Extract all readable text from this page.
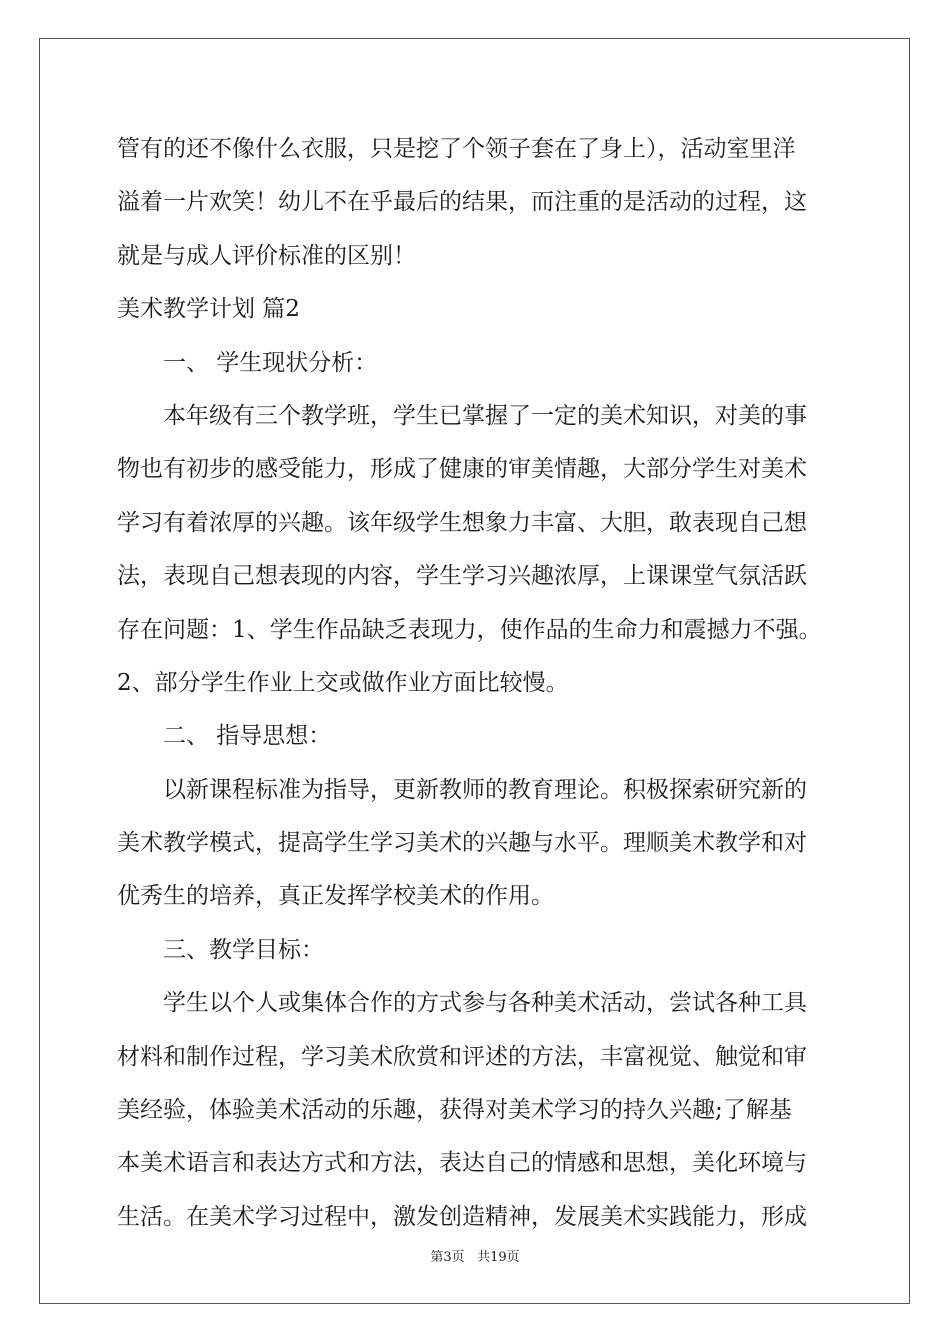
管有的还不像什么衣服，只是挖了个领子套在了身上），活动室里洋
溢着一片欢笑！幼儿不在乎最后的结果，而注重的是活动的过程，这
就是与成人评价标准的区别！
美术教学计划 篇2
一、 学生现状分析：
本年级有三个教学班，学生已掌握了一定的美术知识，对美的事
物也有初步的感受能力，形成了健康的审美情趣，大部分学生对美术
学习有着浓厚的兴趣。该年级学生想象力丰富、大胆，敢表现自己想
法，表现自己想表现的内容，学生学习兴趣浓厚，上课课堂气氛活跃
存在问题：1、学生作品缺乏表现力，使作品的生命力和震撼力不强。
2、部分学生作业上交或做作业方面比较慢。
二、 指导思想：
以新课程标准为指导，更新教师的教育理论。积极探索研究新的
美术教学模式，提高学生学习美术的兴趣与水平。理顺美术教学和对
优秀生的培养，真正发挥学校美术的作用。
三、教学目标：
学生以个人或集体合作的方式参与各种美术活动，尝试各种工具
材料和制作过程，学习美术欣赏和评述的方法，丰富视觉、触觉和审
美经验，体验美术活动的乐趣，获得对美术学习的持久兴趣;了解基
本美术语言和表达方式和方法，表达自己的情感和思想，美化环境与
生活。在美术学习过程中，激发创造精神，发展美术实践能力，形成
第3页 共19页
